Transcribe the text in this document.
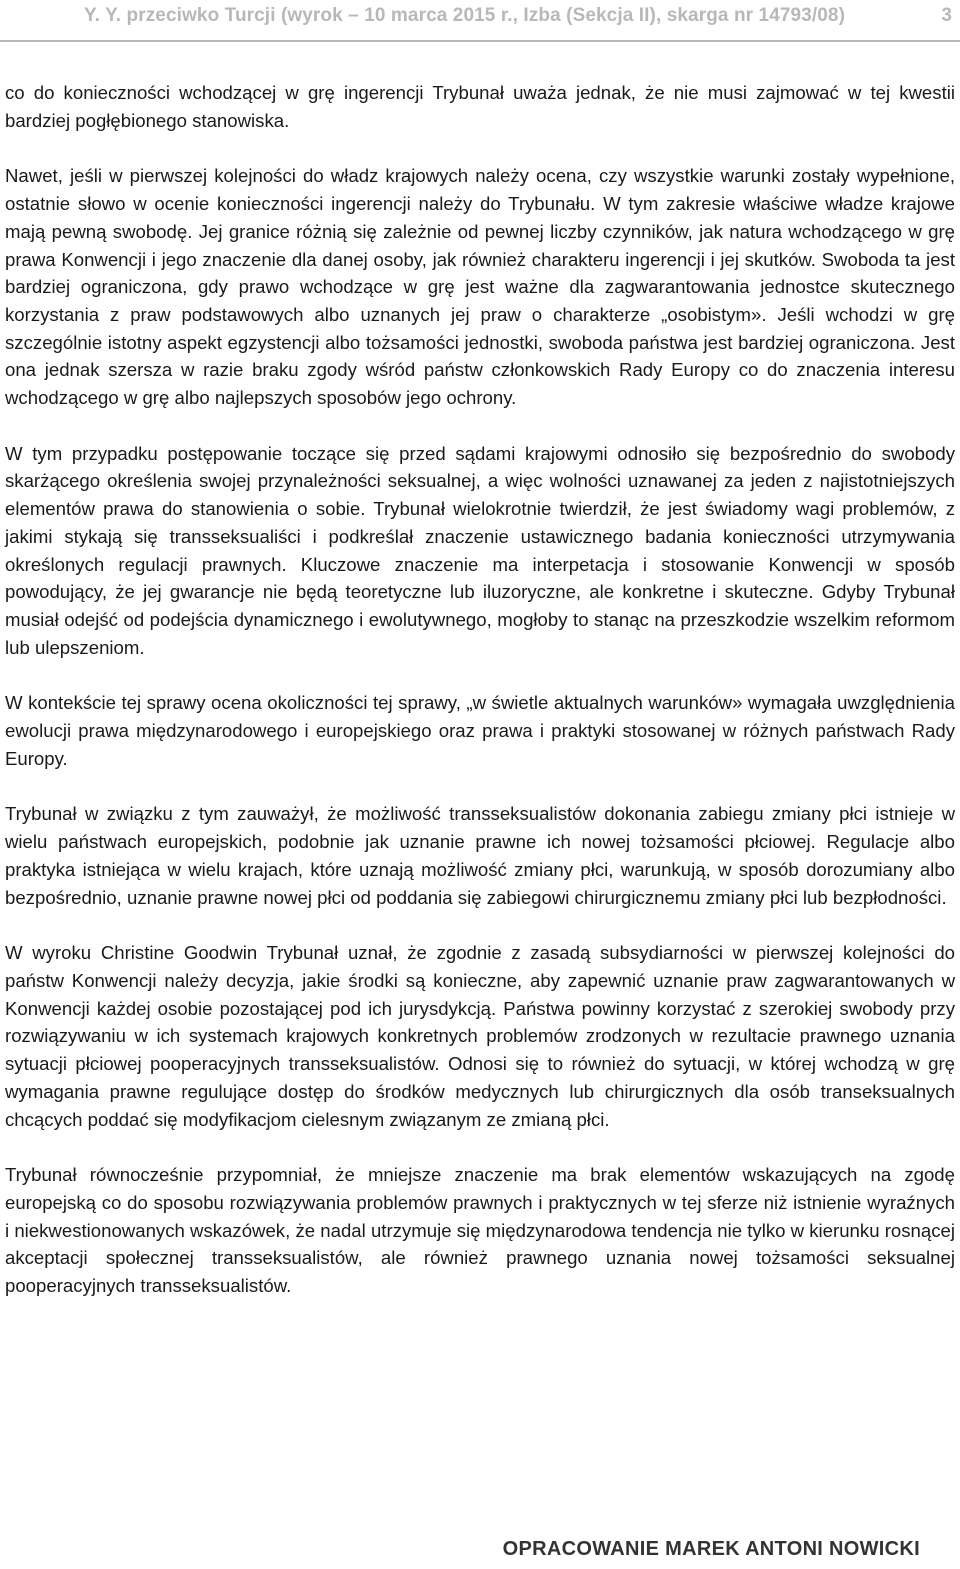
Y. Y. przeciwko Turcji (wyrok – 10 marca 2015 r., Izba (Sekcja II), skarga nr 14793/08)	3

co do konieczności wchodzącej w grę ingerencji Trybunał uważa jednak, że nie musi zajmować w tej kwestii bardziej pogłębionego stanowiska.

Nawet, jeśli w pierwszej kolejności do władz krajowych należy ocena, czy wszystkie warunki zostały wypełnione, ostatnie słowo w ocenie konieczności ingerencji należy do Trybunału. W tym zakresie właściwe władze krajowe mają pewną swobodę. Jej granice różnią się zależnie od pewnej liczby czynników, jak natura wchodzącego w grę prawa Konwencji i jego znaczenie dla danej osoby, jak również charakteru ingerencji i jej skutków. Swoboda ta jest bardziej ograniczona, gdy prawo wchodzące w grę jest ważne dla zagwarantowania jednostce skutecznego korzystania z praw podstawowych albo uznanych jej praw o charakterze „osobistym». Jeśli wchodzi w grę szczególnie istotny aspekt egzystencji albo tożsamości jednostki, swoboda państwa jest bardziej ograniczona. Jest ona jednak szersza w razie braku zgody wśród państw członkowskich Rady Europy co do znaczenia interesu wchodzącego w grę albo najlepszych sposobów jego ochrony.

W tym przypadku postępowanie toczące się przed sądami krajowymi odnosiło się bezpośrednio do swobody skarżącego określenia swojej przynależności seksualnej, a więc wolności uznawanej za jeden z najistotniejszych elementów prawa do stanowienia o sobie. Trybunał wielokrotnie twierdził, że jest świadomy wagi problemów, z jakimi stykają się transseksualiści i podkreślał znaczenie ustawicznego badania konieczności utrzymywania określonych regulacji prawnych. Kluczowe znaczenie ma interpetacja i stosowanie Konwencji w sposób powodujący, że jej gwarancje nie będą teoretyczne lub iluzoryczne, ale konkretne i skuteczne. Gdyby Trybunał musiał odejść od podejścia dynamicznego i ewolutywnego, mogłoby to stanąc na przeszkodzie wszelkim reformom lub ulepszeniom.

W kontekście tej sprawy ocena okoliczności tej sprawy, „w świetle aktualnych warunków» wymagała uwzględnienia ewolucji prawa międzynarodowego i europejskiego oraz prawa i praktyki stosowanej w różnych państwach Rady Europy.

Trybunał w związku z tym zauważył, że możliwość transseksualistów dokonania zabiegu zmiany płci istnieje w wielu państwach europejskich, podobnie jak uznanie prawne ich nowej tożsamości płciowej. Regulacje albo praktyka istniejąca w wielu krajach, które uznają możliwość zmiany płci, warunkują, w sposób dorozumiany albo bezpośrednio, uznanie prawne nowej płci od poddania się zabiegowi chirurgicznemu zmiany płci lub bezpłodności.

W wyroku Christine Goodwin Trybunał uznał, że zgodnie z zasadą subsydiarności w pierwszej kolejności do państw Konwencji należy decyzja, jakie środki są konieczne, aby zapewnić uznanie praw zagwarantowanych w Konwencji każdej osobie pozostającej pod ich jurysdykcją. Państwa powinny korzystać z szerokiej swobody przy rozwiązywaniu w ich systemach krajowych konkretnych problemów zrodzonych w rezultacie prawnego uznania sytuacji płciowej pooperacyjnych transseksualistów. Odnosi się to również do sytuacji, w której wchodzą w grę wymagania prawne regulujące dostęp do środków medycznych lub chirurgicznych dla osób transeksualnych chcących poddać się modyfikacjom cielesnym związanym ze zmianą płci.

Trybunał równocześnie przypomniał, że mniejsze znaczenie ma brak elementów wskazujących na zgodę europejską co do sposobu rozwiązywania problemów prawnych i praktycznych w tej sferze niż istnienie wyraźnych i niekwestionowanych wskazówek, że nadal utrzymuje się międzynarodowa tendencja nie tylko w kierunku rosnącej akceptacji społecznej transseksualistów, ale również prawnego uznania nowej tożsamości seksualnej pooperacyjnych transseksualistów.

OPRACOWANIE MAREK ANTONI NOWICKI
